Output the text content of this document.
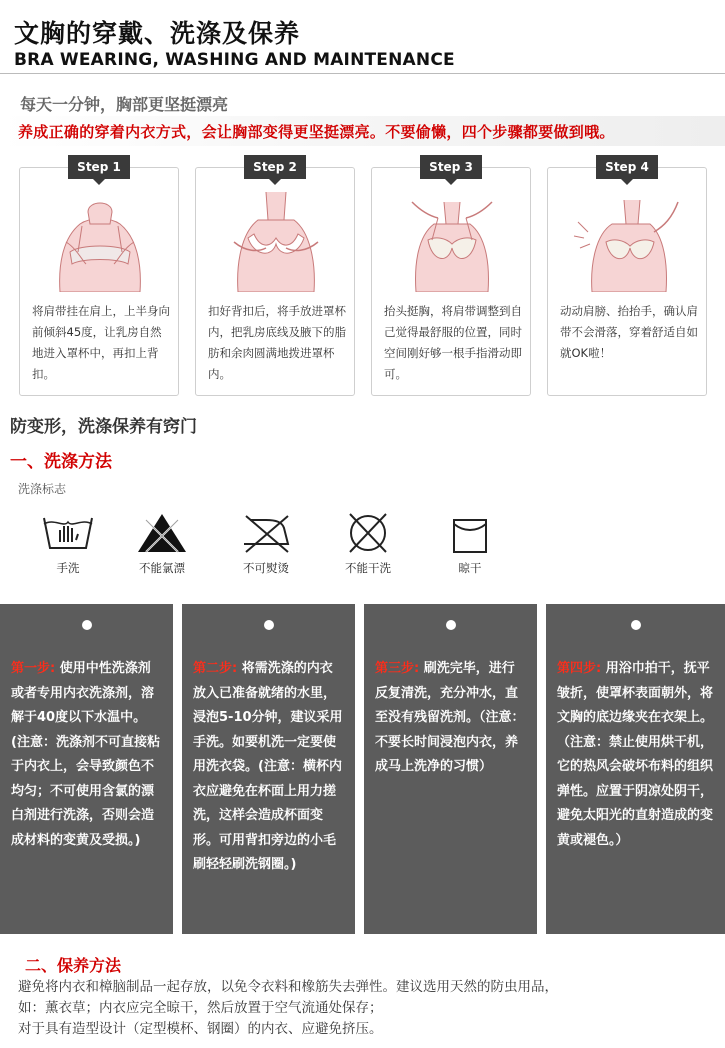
文胸的穿戴、洗涤及保养
BRA WEARING, WASHING AND MAINTENANCE
每天一分钟，胸部更坚挺漂亮
养成正确的穿着内衣方式，会让胸部变得更坚挺漂亮。不要偷懒，四个步骤都要做到哦。
Step 1
将肩带挂在肩上，上半身向前倾斜45度，让乳房自然地进入罩杯中，再扣上背扣。
Step 2
扣好背扣后，将手放进罩杯内，把乳房底线及腋下的脂肪和余肉圆满地拨进罩杯内。
Step 3
抬头挺胸，将肩带调整到自己觉得最舒服的位置，同时空间刚好够一根手指滑动即可。
Step 4
动动肩膀、抬抬手，确认肩带不会滑落，穿着舒适自如就OK啦！
防变形，洗涤保养有窍门
一、洗涤方法
洗涤标志
手洗	不能氯漂	不可熨烫	不能干洗	晾干
第一步: 使用中性洗涤剂或者专用内衣洗涤剂，溶解于40度以下水温中。(注意：洗涤剂不可直接粘于内衣上，会导致颜色不均匀；不可使用含氯的漂白剂进行洗涤，否则会造成材料的变黄及受损。)
第二步: 将需洗涤的内衣放入已准备就绪的水里，浸泡5-10分钟，建议采用手洗。如要机洗一定要使用洗衣袋。(注意：横杯内衣应避免在杯面上用力搓洗，这样会造成杯面变形。可用背扣旁边的小毛刷轻轻刷洗钢圈。)
第三步: 刷洗完毕，进行反复清洗，充分冲水，直至没有残留洗剂。（注意：不要长时间浸泡内衣，养成马上洗净的习惯）
第四步: 用浴巾拍干，抚平皱折，使罩杯表面朝外，将文胸的底边缘夹在衣架上。（注意：禁止使用烘干机，它的热风会破坏布料的组织弹性。应置于阴凉处阴干，避免太阳光的直射造成的变黄或褪色。）
二、保养方法
避免将内衣和樟脑制品一起存放，以免令衣料和橡筋失去弹性。建议选用天然的防虫用品，
如：薰衣草；内衣应完全晾干，然后放置于空气流通处保存；
对于具有造型设计（定型模杯、钢圈）的内衣、应避免挤压。
